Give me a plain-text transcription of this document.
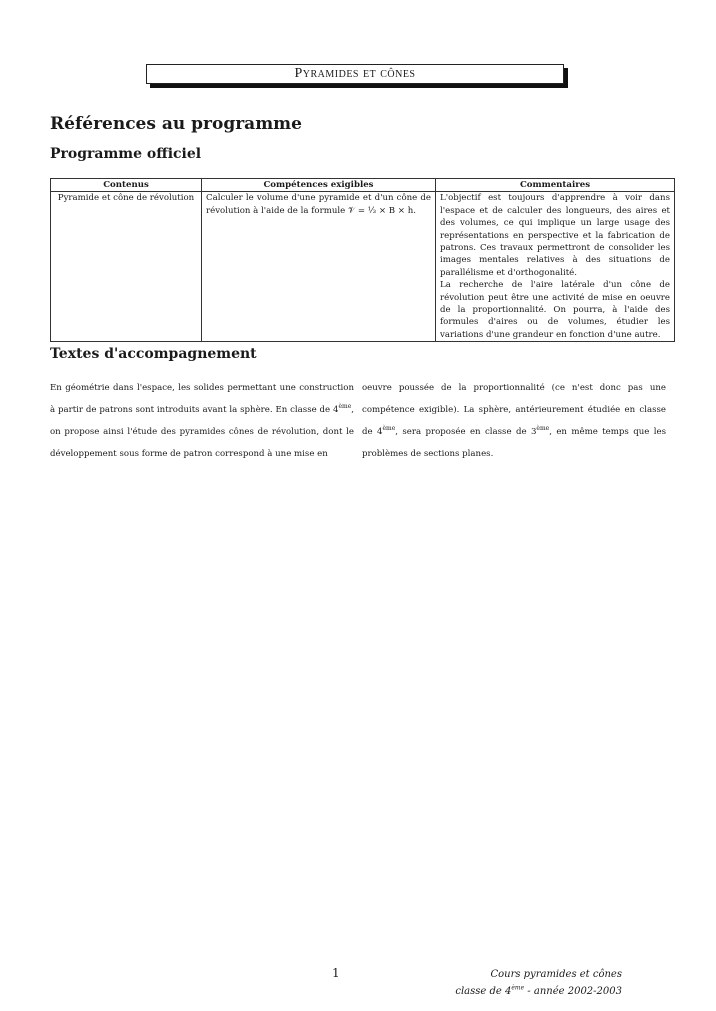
Pyramides et cônes
Références au programme
Programme officiel
Contenus	Compétences exigibles	Commentaires
Pyramide et cône de révolution	Calculer le volume d'une pyramide et d'un cône de révolution à l'aide de la formule 𝒱 = ⅓ × B × h.	L'objectif est toujours d'apprendre à voir dans l'espace et de calculer des longueurs, des aires et des volumes, ce qui implique un large usage des représentations en perspective et la fabrication de patrons. Ces travaux permettront de consolider les images mentales relatives à des situations de parallélisme et d'orthogonalité.
La recherche de l'aire latérale d'un cône de révolution peut être une activité de mise en oeuvre de la proportionnalité. On pourra, à l'aide des formules d'aires ou de volumes, étudier les variations d'une grandeur en fonction d'une autre.
Textes d'accompagnement

En géométrie dans l'espace, les solides permettant une construction à partir de patrons sont introduits avant la sphère. En classe de 4ème, on propose ainsi l'étude des pyramides cônes de révolution, dont le développement sous forme de patron correspond à une mise en

oeuvre poussée de la proportionnalité (ce n'est donc pas une compétence exigible). La sphère, antérieurement étudiée en classe de 4ème, sera proposée en classe de 3ème, en même temps que les problèmes de sections planes.

1	Cours pyramides et cônes
classe de 4ème - année 2002-2003
